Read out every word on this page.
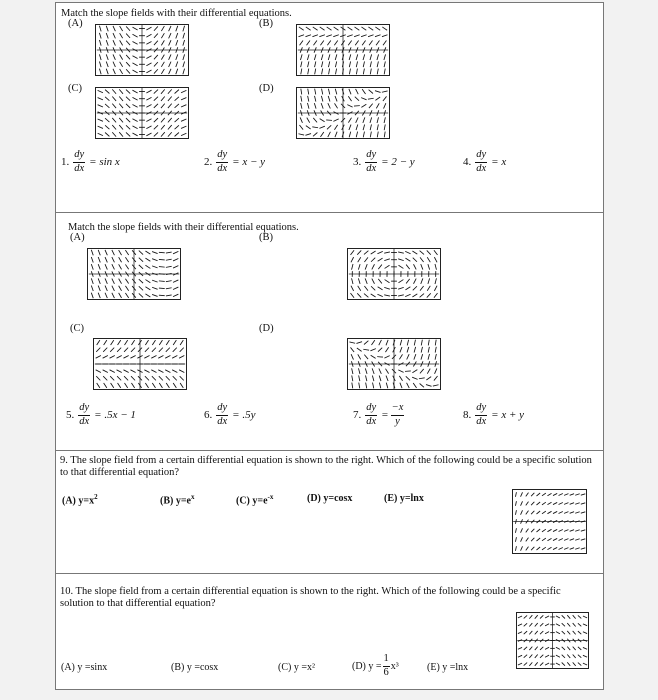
Match the slope fields with their differential equations.
(A)	(B)
(C)	(D)
1. $\frac{dy}{dx} = \sin x$	2. $\frac{dy}{dx} = x - y$	3. $\frac{dy}{dx} = 2 - y$	4. $\frac{dy}{dx} = x$
Match the slope fields with their differential equations.
(A)	(B)
(C)	(D)
5. $\frac{dy}{dx} = .5x - 1$	6. $\frac{dy}{dx} = .5y$	7. $\frac{dy}{dx} = \frac{-x}{y}$	8. $\frac{dy}{dx} = x + y$
9. The slope field from a certain differential equation is shown to the right. Which of the following could be a specific solution to that differential equation?
(A) $y=x^2$	(B) $y=e^x$	(C) $y=e^{-x}$	(D) y=cosx	(E) y=lnx
10. The slope field from a certain differential equation is shown to the right. Which of the following could be a specific solution to that differential equation?
(A) y =sinx	(B) y =cosx	(C) y =x²	(D) $y = \frac{1}{6} x^3$	(E) y =lnx
